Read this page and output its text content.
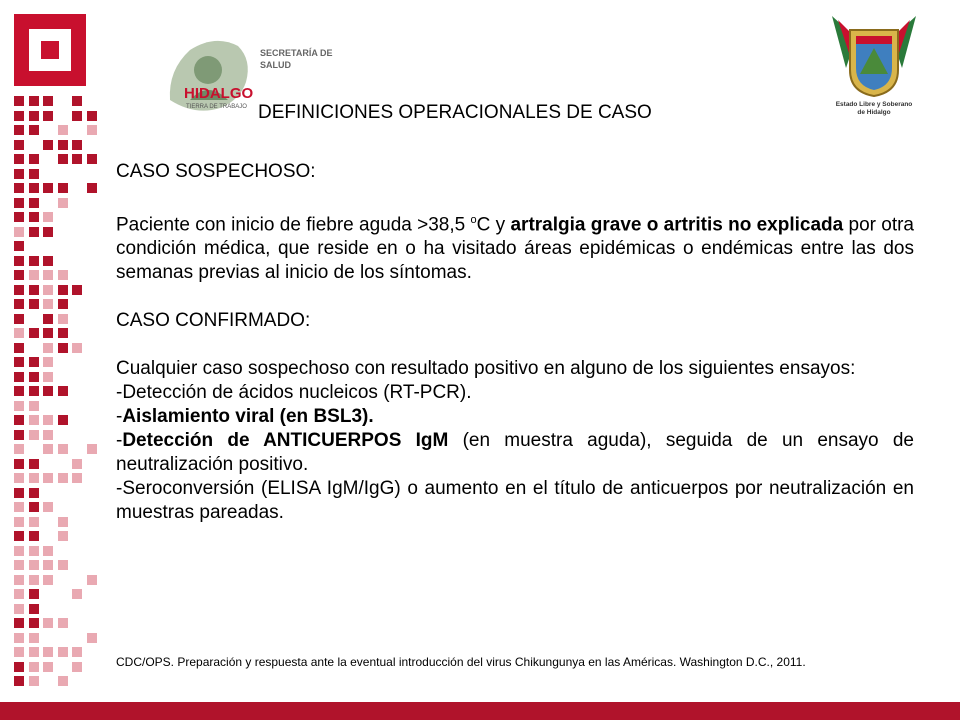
HIDALGO
TIERRA DE TRABAJO
SECRETARÍA DE
SALUD
Estado Libre y Soberano
de Hidalgo
DEFINICIONES OPERACIONALES DE CASO

CASO SOSPECHOSO:

Paciente con inicio de fiebre aguda >38,5 $^o$C y artralgia grave o artritis no explicada por otra condición médica, que reside en o ha visitado áreas epidémicas o endémicas entre las dos semanas previas al inicio de los síntomas.

CASO CONFIRMADO:

Cualquier caso sospechoso con resultado positivo en alguno de los siguientes ensayos:

-Detección de ácidos nucleicos (RT-PCR).

-Aislamiento viral (en BSL3).

-Detección de ANTICUERPOS IgM (en muestra aguda), seguida de un ensayo de neutralización positivo.

-Seroconversión (ELISA IgM/IgG) o aumento en el título de anticuerpos por neutralización en muestras pareadas.

CDC/OPS. Preparación y respuesta ante la eventual introducción del virus Chikungunya en las Américas. Washington D.C., 2011.
